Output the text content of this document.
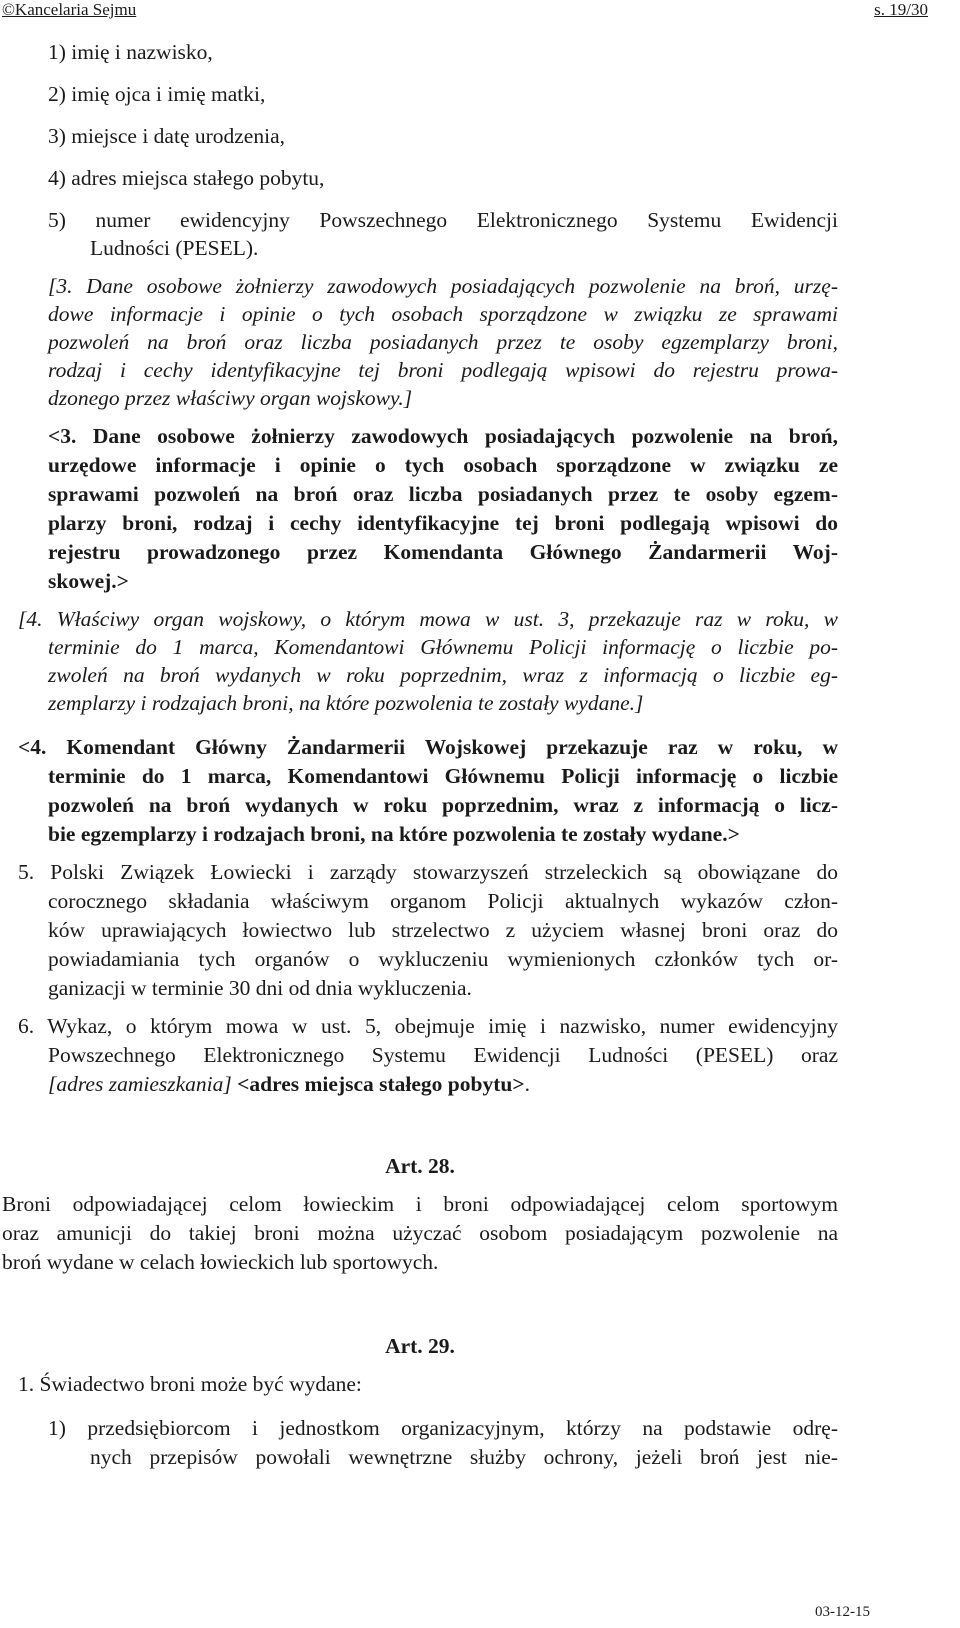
©Kancelaria Sejmu	s. 19/30
1) imię i nazwisko,
2) imię ojca i imię matki,
3) miejsce i datę urodzenia,
4) adres miejsca stałego pobytu,
5) numer ewidencyjny Powszechnego Elektronicznego Systemu Ewidencji
Ludności (PESEL).
[3. Dane osobowe żołnierzy zawodowych posiadających pozwolenie na broń, urzę-
dowe informacje i opinie o tych osobach sporządzone w związku ze sprawami
pozwoleń na broń oraz liczba posiadanych przez te osoby egzemplarzy broni,
rodzaj i cechy identyfikacyjne tej broni podlegają wpisowi do rejestru prowa-
dzonego przez właściwy organ wojskowy.]
<3. Dane osobowe żołnierzy zawodowych posiadających pozwolenie na broń,
urzędowe informacje i opinie o tych osobach sporządzone w związku ze
sprawami pozwoleń na broń oraz liczba posiadanych przez te osoby egzem-
plarzy broni, rodzaj i cechy identyfikacyjne tej broni podlegają wpisowi do
rejestru prowadzonego przez Komendanta Głównego Żandarmerii Woj-
skowej.>
[4. Właściwy organ wojskowy, o którym mowa w ust. 3, przekazuje raz w roku, w
terminie do 1 marca, Komendantowi Głównemu Policji informację o liczbie po-
zwoleń na broń wydanych w roku poprzednim, wraz z informacją o liczbie eg-
zemplarzy i rodzajach broni, na które pozwolenia te zostały wydane.]
<4. Komendant Główny Żandarmerii Wojskowej przekazuje raz w roku, w
terminie do 1 marca, Komendantowi Głównemu Policji informację o liczbie
pozwoleń na broń wydanych w roku poprzednim, wraz z informacją o licz-
bie egzemplarzy i rodzajach broni, na które pozwolenia te zostały wydane.>
5. Polski Związek Łowiecki i zarządy stowarzyszeń strzeleckich są obowiązane do
corocznego składania właściwym organom Policji aktualnych wykazów człon-
ków uprawiających łowiectwo lub strzelectwo z użyciem własnej broni oraz do
powiadamiania tych organów o wykluczeniu wymienionych członków tych or-
ganizacji w terminie 30 dni od dnia wykluczenia.
6. Wykaz, o którym mowa w ust. 5, obejmuje imię i nazwisko, numer ewidencyjny
Powszechnego Elektronicznego Systemu Ewidencji Ludności (PESEL) oraz
[adres zamieszkania] <adres miejsca stałego pobytu>.
Art. 28.
Broni odpowiadającej celom łowieckim i broni odpowiadającej celom sportowym
oraz amunicji do takiej broni można użyczać osobom posiadającym pozwolenie na
broń wydane w celach łowieckich lub sportowych.
Art. 29.
1. Świadectwo broni może być wydane:
1) przedsiębiorcom i jednostkom organizacyjnym, którzy na podstawie odrę-
nych przepisów powołali wewnętrzne służby ochrony, jeżeli broń jest nie-
03-12-15
